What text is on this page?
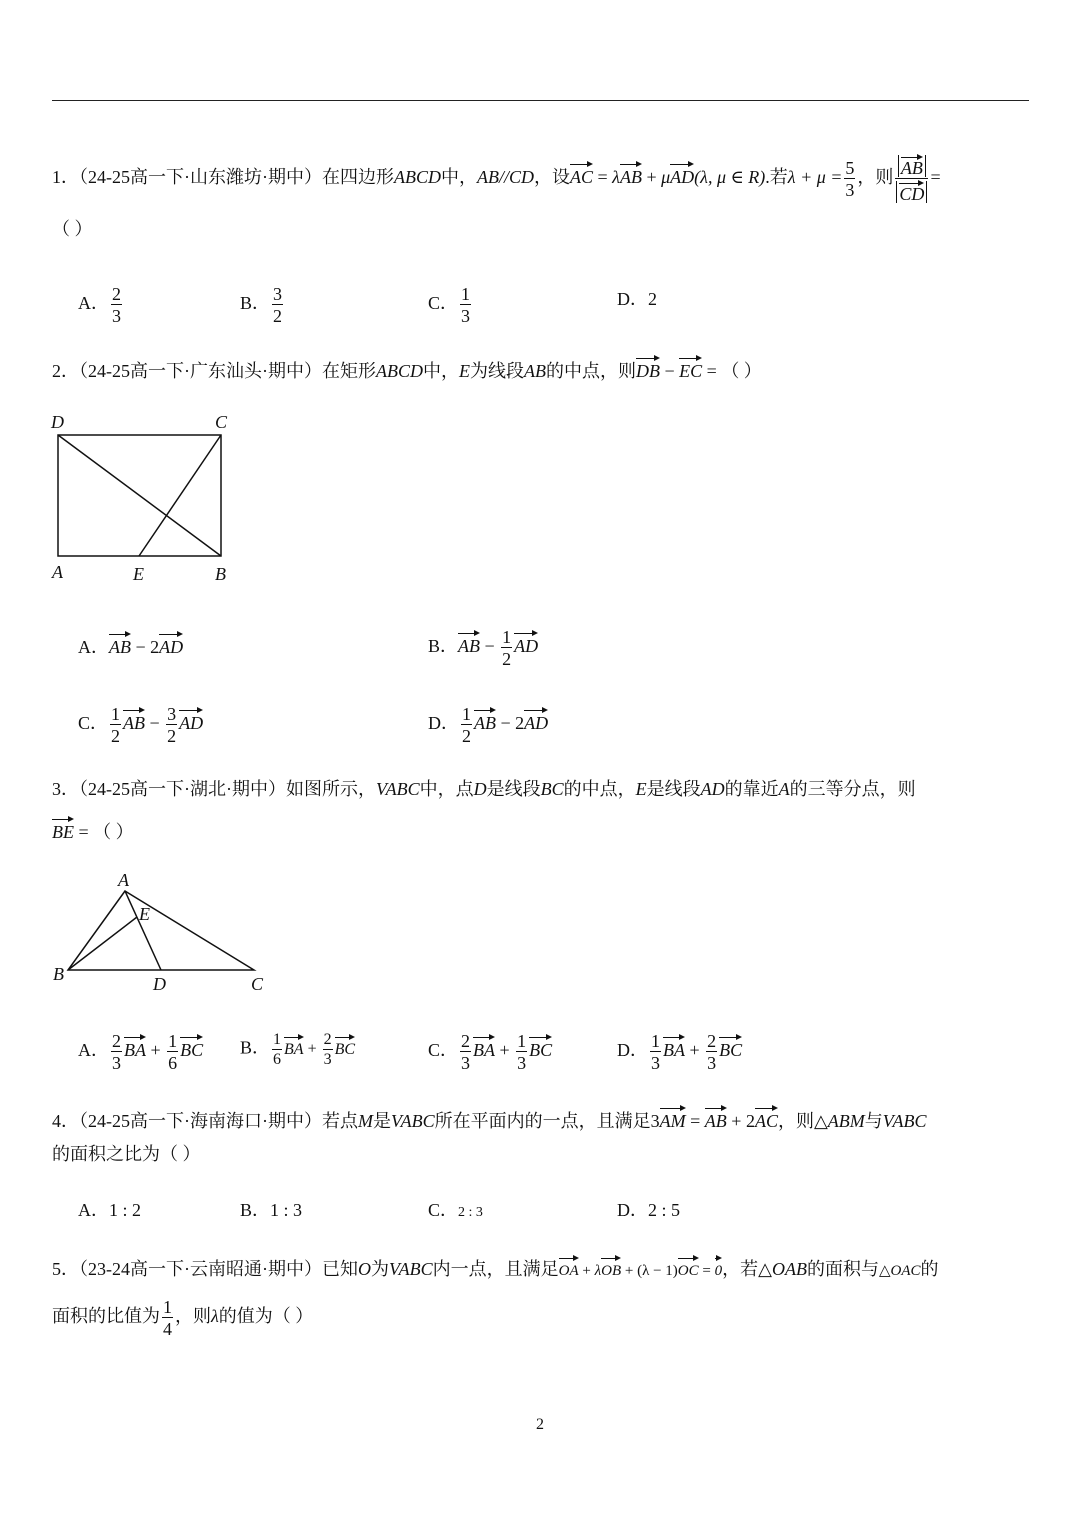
1．（24-25高一下·山东潍坊·期中）在四边形ABCD中，AB//CD，设AC = λAB + μAD(λ, μ ∈ R).若$\lambda + \mu = \frac{5}{3}$ ，则 $\frac{AB}{CD}$ =
（ ）
A． $\frac{2}{3}$	B． $\frac{3}{2}$	C． $\frac{1}{3}$	D．2
2．（24-25高一下·广东汕头·期中）在矩形ABCD中，E为线段AB的中点，则DB − EC = （ ）
D	C
A	E	B
A．AB − 2AD	B．AB − $\frac{1}{2}$ AD
C． $\frac{1}{2}$ AB − $\frac{3}{2}$ AD	D． $\frac{1}{2}$ AB − 2AD
3．（24-25高一下·湖北·期中）如图所示，VABC中，点D是线段BC的中点，E是线段AD的靠近A的三等分点，则
BE = （ ）
A
E
B	D	C
A． $\frac{2}{3}$ BA + $\frac{1}{6}$ BC B． $\frac{1}{6}$ BA + $\frac{2}{3}$ BC	C． $\frac{2}{3}$ BA + $\frac{1}{3}$ BC	D． $\frac{1}{3}$ BA + $\frac{2}{3}$ BC
4．（24-25高一下·海南海口·期中）若点M是VABC所在平面内的一点，且满足3AM = AB + 2AC，则△ABM与VABC
的面积之比为（ ）
A．1 : 2	B．1 : 3	C．2 : 3	D．2 : 5
5．（23-24高一下·云南昭通·期中）已知O为VABC内一点，且满足OA + λOB + (λ − 1)OC = 0，若△OAB的面积与△OAC的
面积的比值为 $\frac{1}{4}$ ，则λ的值为（ ）
2
